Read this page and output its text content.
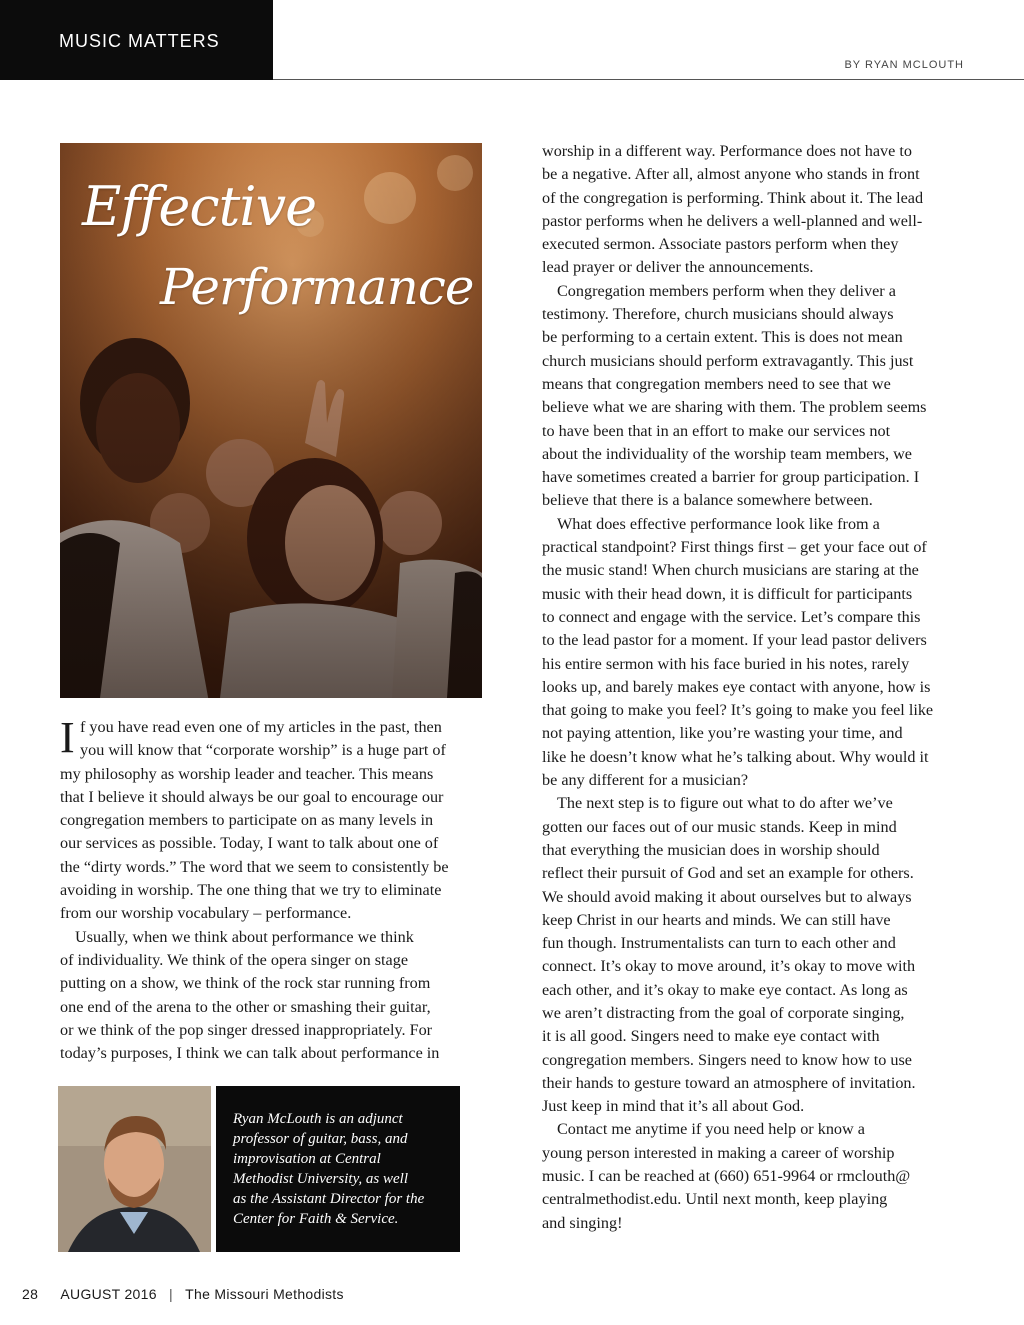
MUSIC MATTERS
BY RYAN MCLOUTH
Effective
Performance
I f you have read even one of my articles in the past, then
you will know that “corporate worship” is a huge part of
my philosophy as worship leader and teacher. This means
that I believe it should always be our goal to encourage our
congregation members to participate on as many levels in
our services as possible. Today, I want to talk about one of
the “dirty words.” The word that we seem to consistently be
avoiding in worship. The one thing that we try to eliminate
from our worship vocabulary – performance.
Usually, when we think about performance we think
of individuality. We think of the opera singer on stage
putting on a show, we think of the rock star running from
one end of the arena to the other or smashing their guitar,
or we think of the pop singer dressed inappropriately. For
today’s purposes, I think we can talk about performance in
worship in a different way. Performance does not have to
be a negative. After all, almost anyone who stands in front
of the congregation is performing. Think about it. The lead
pastor performs when he delivers a well-planned and well-
executed sermon. Associate pastors perform when they
lead prayer or deliver the announcements.
Congregation members perform when they deliver a
testimony. Therefore, church musicians should always
be performing to a certain extent. This is does not mean
church musicians should perform extravagantly. This just
means that congregation members need to see that we
believe what we are sharing with them. The problem seems
to have been that in an effort to make our services not
about the individuality of the worship team members, we
have sometimes created a barrier for group participation. I
believe that there is a balance somewhere between.
What does effective performance look like from a
practical standpoint? First things first – get your face out of
the music stand! When church musicians are staring at the
music with their head down, it is difficult for participants
to connect and engage with the service. Let’s compare this
to the lead pastor for a moment. If your lead pastor delivers
his entire sermon with his face buried in his notes, rarely
looks up, and barely makes eye contact with anyone, how is
that going to make you feel? It’s going to make you feel like
not paying attention, like you’re wasting your time, and
like he doesn’t know what he’s talking about. Why would it
be any different for a musician?
The next step is to figure out what to do after we’ve
gotten our faces out of our music stands. Keep in mind
that everything the musician does in worship should
reflect their pursuit of God and set an example for others.
We should avoid making it about ourselves but to always
keep Christ in our hearts and minds. We can still have
fun though. Instrumentalists can turn to each other and
connect. It’s okay to move around, it’s okay to move with
each other, and it’s okay to make eye contact. As long as
we aren’t distracting from the goal of corporate singing,
it is all good. Singers need to make eye contact with
congregation members. Singers need to know how to use
their hands to gesture toward an atmosphere of invitation.
Just keep in mind that it’s all about God.
Contact me anytime if you need help or know a
young person interested in making a career of worship
music. I can be reached at (660) 651-9964 or rmclouth@
centralmethodist.edu. Until next month, keep playing
and singing!
Ryan McLouth is an adjunct
professor of guitar, bass, and
improvisation at Central
Methodist University, as well
as the Assistant Director for the
Center for Faith & Service.
28 AUGUST 2016 | The Missouri Methodists
